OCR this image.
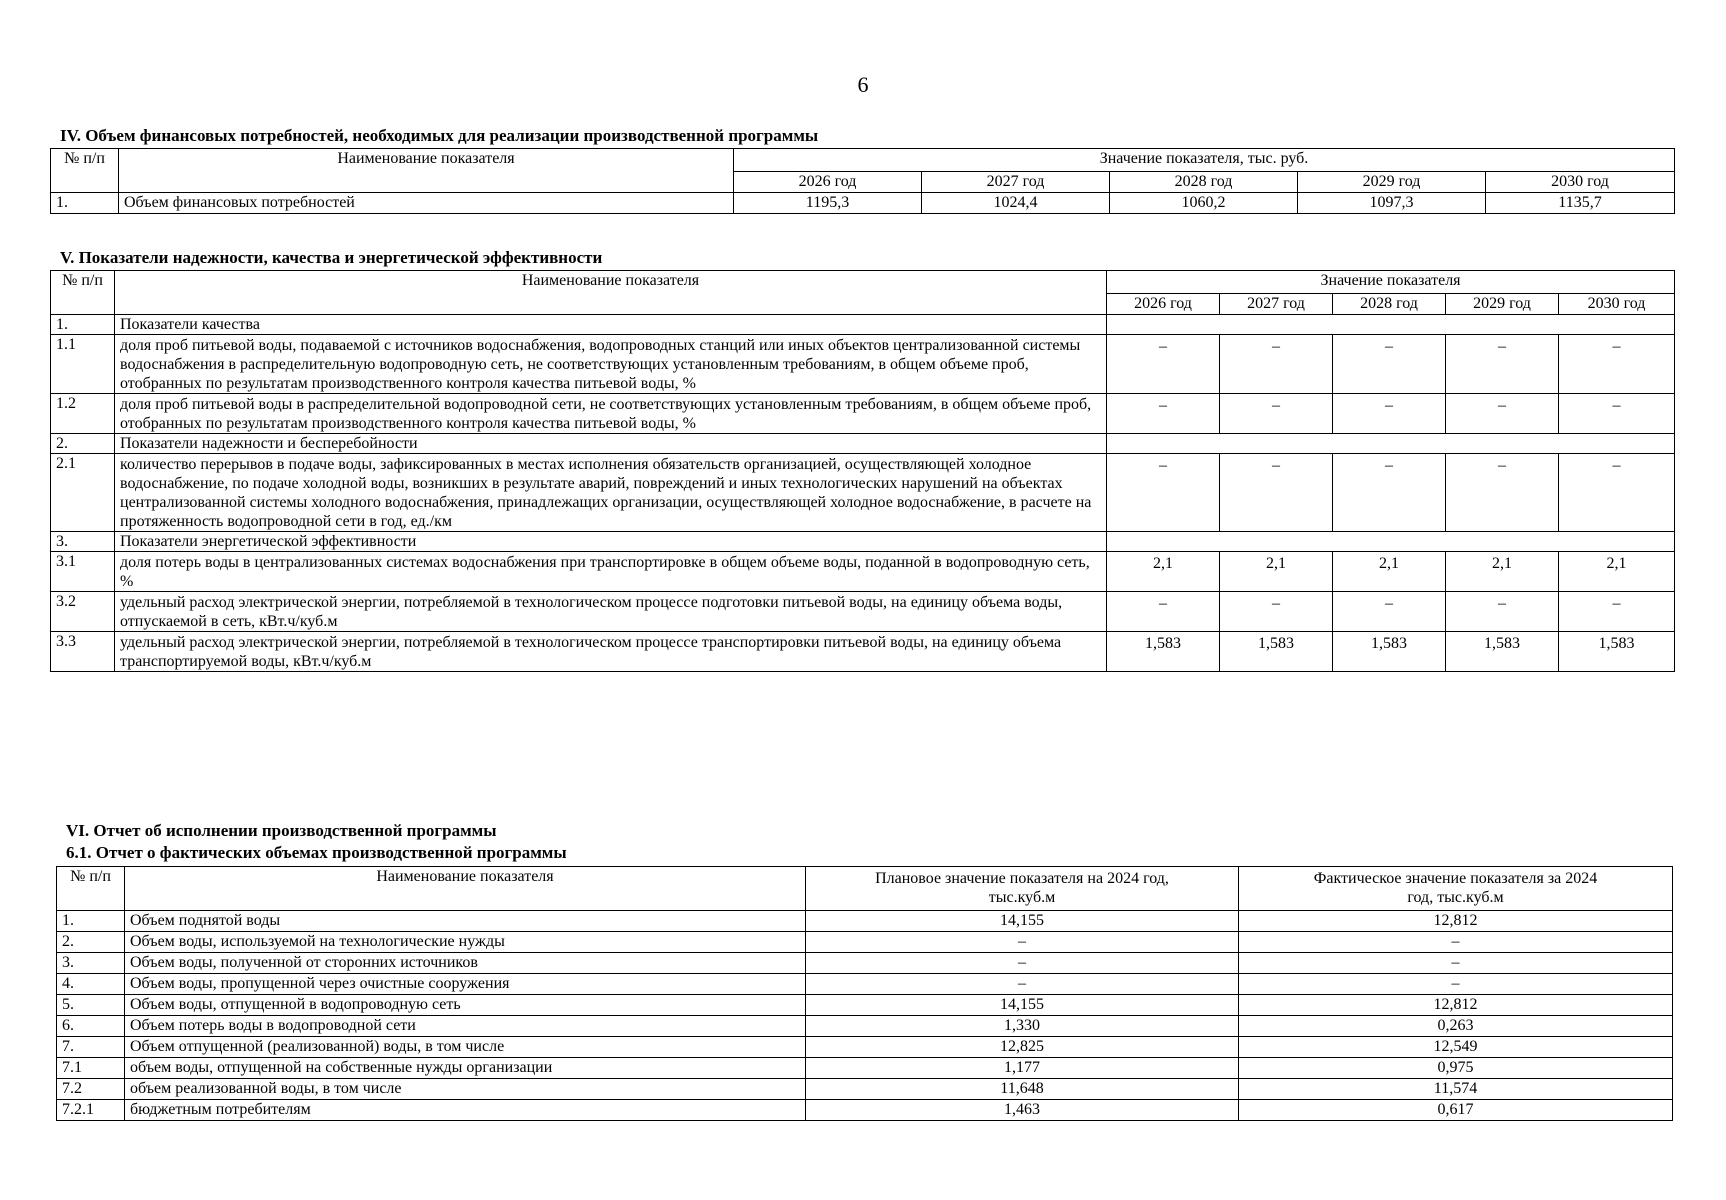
6
IV. Объем финансовых потребностей, необходимых для реализации производственной программы
№ п/п	Наименование показателя	Значение показателя, тыс. руб.				
		2026 год	2027 год	2028 год	2029 год	2030 год
1.	Объем финансовых потребностей	1195,3	1024,4	1060,2	1097,3	1135,7
V. Показатели надежности, качества и энергетической эффективности
№ п/п	Наименование показателя	Значение показателя				
		2026 год	2027 год	2028 год	2029 год	2030 год
1.	Показатели качества					
1.1	доля проб питьевой воды, подаваемой с источников водоснабжения, водопроводных станций или иных объектов централизованной системы водоснабжения в распределительную водопроводную сеть, не соответствующих установленным требованиям, в общем объеме проб, отобранных по результатам производственного контроля качества питьевой воды, %	–	–	–	–	–
1.2	доля проб питьевой воды в распределительной водопроводной сети, не соответствующих установленным требованиям, в общем объеме проб, отобранных по результатам производственного контроля качества питьевой воды, %	–	–	–	–	–
2.	Показатели надежности и бесперебойности					
2.1	количество перерывов в подаче воды, зафиксированных в местах исполнения обязательств организацией, осуществляющей холодное водоснабжение, по подаче холодной воды, возникших в результате аварий, повреждений и иных технологических нарушений на объектах централизованной системы холодного водоснабжения, принадлежащих организации, осуществляющей холодное водоснабжение, в расчете на протяженность водопроводной сети в год, ед./км	–	–	–	–	–
3.	Показатели энергетической эффективности					
3.1	доля потерь воды в централизованных системах водоснабжения при транспортировке в общем объеме воды, поданной в водопроводную сеть, %	2,1	2,1	2,1	2,1	2,1
3.2	удельный расход электрической энергии, потребляемой в технологическом процессе подготовки питьевой воды, на единицу объема воды, отпускаемой в сеть, кВт.ч/куб.м	–	–	–	–	–
3.3	удельный расход электрической энергии, потребляемой в технологическом процессе транспортировки питьевой воды, на единицу объема транспортируемой воды, кВт.ч/куб.м	1,583	1,583	1,583	1,583	1,583
VI. Отчет об исполнении производственной программы
6.1. Отчет о фактических объемах производственной программы
№ п/п	Наименование показателя	Плановое значение показателя на 2024 год, тыс.куб.м	Фактическое значение показателя за 2024 год, тыс.куб.м
1.	Объем поднятой воды	14,155	12,812
2.	Объем воды, используемой на технологические нужды	–	–
3.	Объем воды, полученной от сторонних источников	–	–
4.	Объем воды, пропущенной через очистные сооружения	–	–
5.	Объем воды, отпущенной в водопроводную сеть	14,155	12,812
6.	Объем потерь воды в водопроводной сети	1,330	0,263
7.	Объем отпущенной (реализованной) воды, в том числе	12,825	12,549
7.1	объем воды, отпущенной на собственные нужды организации	1,177	0,975
7.2	объем реализованной воды, в том числе	11,648	11,574
7.2.1	бюджетным потребителям	1,463	0,617
